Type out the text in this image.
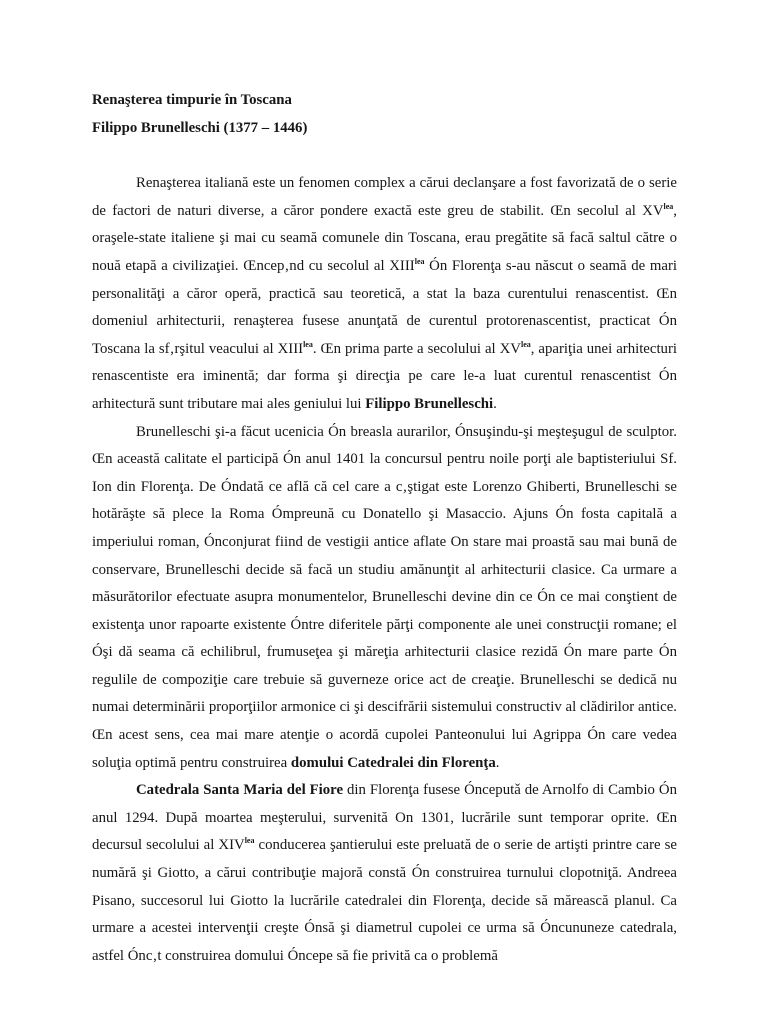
Renaşterea timpurie în Toscana

Filippo Brunelleschi (1377 – 1446)

Renaşterea italiană este un fenomen complex a cărui declanşare a fost favorizată de o serie de factori de naturi diverse, a căror pondere exactă este greu de stabilit. Œn secolul al $XV^{lea}$, oraşele-state italiene şi mai cu seamă comunele din Toscana, erau pregătite să facă saltul către o nouă etapă a civilizaţiei. Œncep‚nd cu secolul al $XIII^{lea}$ Ón Florenţa s-au născut o seamă de mari personalităţi a căror operă, practică sau teoretică, a stat la baza curentului renascentist. Œn domeniul arhitecturii, renaşterea fusese anunţată de curentul protorenascentist, practicat Ón Toscana la sf‚rşitul veacului al $XIII^{lea}$. Œn prima parte a secolului al $XV^{lea}$, apariţia unei arhitecturi renascentiste era iminentă; dar forma şi direcţia pe care le-a luat curentul renascentist Ón arhitectură sunt tributare mai ales geniului lui Filippo Brunelleschi.

Brunelleschi şi-a făcut ucenicia Ón breasla aurarilor, Ónsuşindu-şi meşteşugul de sculptor. Œn această calitate el participă Ón anul 1401 la concursul pentru noile porţi ale baptisteriului Sf. Ion din Florenţa. De Óndată ce află că cel care a c‚ştigat este Lorenzo Ghiberti, Brunelleschi se hotărăşte să plece la Roma Ómpreună cu Donatello şi Masaccio. Ajuns Ón fosta capitală a imperiului roman, Ónconjurat fiind de vestigii antice aflate On stare mai proastă sau mai bună de conservare, Brunelleschi decide să facă un studiu amănunţit al arhitecturii clasice. Ca urmare a măsurătorilor efectuate asupra monumentelor, Brunelleschi devine din ce Ón ce mai conştient de existenţa unor rapoarte existente Óntre diferitele părţi componente ale unei construcţii romane; el Óşi dă seama că echilibrul, frumuseţea şi măreţia arhitecturii clasice rezidă Ón mare parte Ón regulile de compoziţie care trebuie să guverneze orice act de creaţie. Brunelleschi se dedică nu numai determinării proporţiilor armonice ci şi descifrării sistemului constructiv al clădirilor antice. Œn acest sens, cea mai mare atenţie o acordă cupolei Panteonului lui Agrippa Ón care vedea soluţia optimă pentru construirea domului Catedralei din Florenţa.

Catedrala Santa Maria del Fiore din Florenţa fusese Ónceputǎ de Arnolfo di Cambio Ón anul 1294. După moartea meşterului, survenită On 1301, lucrările sunt temporar oprite. Œn decursul secolului al $XIV^{lea}$ conducerea şantierului este preluată de o serie de artişti printre care se numără şi Giotto, a cărui contribuţie majoră constă Ón construirea turnului clopotniţă. Andreea Pisano, succesorul lui Giotto la lucrările catedralei din Florenţa, decide să mărească planul. Ca urmare a acestei intervenţii creşte Ónsă şi diametrul cupolei ce urma să Óncununeze catedrala, astfel Ónc‚t construirea domului Óncepe să fie privită ca o problemă
